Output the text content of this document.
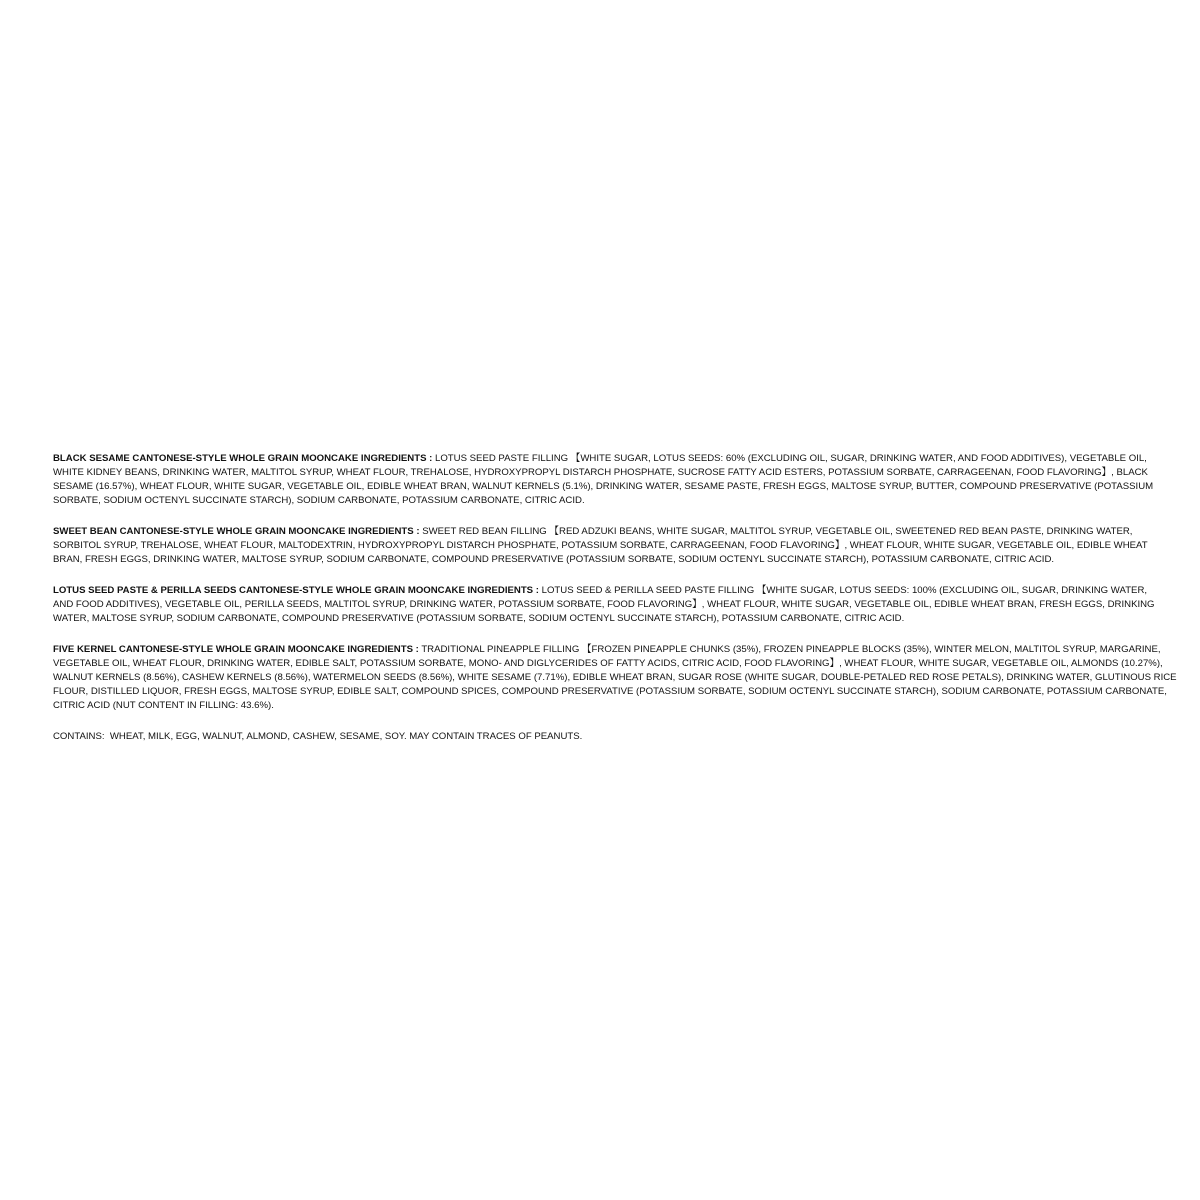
BLACK SESAME CANTONESE-STYLE WHOLE GRAIN MOONCAKE INGREDIENTS : LOTUS SEED PASTE FILLING 【WHITE SUGAR, LOTUS SEEDS: 60% (EXCLUDING OIL, SUGAR, DRINKING WATER, AND FOOD ADDITIVES), VEGETABLE OIL,
WHITE KIDNEY BEANS, DRINKING WATER, MALTITOL SYRUP, WHEAT FLOUR, TREHALOSE, HYDROXYPROPYL DISTARCH PHOSPHATE, SUCROSE FATTY ACID ESTERS, POTASSIUM SORBATE, CARRAGEENAN, FOOD FLAVORING】, BLACK
SESAME (16.57%), WHEAT FLOUR, WHITE SUGAR, VEGETABLE OIL, EDIBLE WHEAT BRAN, WALNUT KERNELS (5.1%), DRINKING WATER, SESAME PASTE, FRESH EGGS, MALTOSE SYRUP, BUTTER, COMPOUND PRESERVATIVE (POTASSIUM
SORBATE, SODIUM OCTENYL SUCCINATE STARCH), SODIUM CARBONATE, POTASSIUM CARBONATE, CITRIC ACID.
SWEET BEAN CANTONESE-STYLE WHOLE GRAIN MOONCAKE INGREDIENTS : SWEET RED BEAN FILLING 【RED ADZUKI BEANS, WHITE SUGAR, MALTITOL SYRUP, VEGETABLE OIL, SWEETENED RED BEAN PASTE, DRINKING WATER,
SORBITOL SYRUP, TREHALOSE, WHEAT FLOUR, MALTODEXTRIN, HYDROXYPROPYL DISTARCH PHOSPHATE, POTASSIUM SORBATE, CARRAGEENAN, FOOD FLAVORING】, WHEAT FLOUR, WHITE SUGAR, VEGETABLE OIL, EDIBLE WHEAT
BRAN, FRESH EGGS, DRINKING WATER, MALTOSE SYRUP, SODIUM CARBONATE, COMPOUND PRESERVATIVE (POTASSIUM SORBATE, SODIUM OCTENYL SUCCINATE STARCH), POTASSIUM CARBONATE, CITRIC ACID.
LOTUS SEED PASTE & PERILLA SEEDS CANTONESE-STYLE WHOLE GRAIN MOONCAKE INGREDIENTS : LOTUS SEED & PERILLA SEED PASTE FILLING 【WHITE SUGAR, LOTUS SEEDS: 100% (EXCLUDING OIL, SUGAR, DRINKING WATER,
AND FOOD ADDITIVES), VEGETABLE OIL, PERILLA SEEDS, MALTITOL SYRUP, DRINKING WATER, POTASSIUM SORBATE, FOOD FLAVORING】, WHEAT FLOUR, WHITE SUGAR, VEGETABLE OIL, EDIBLE WHEAT BRAN, FRESH EGGS, DRINKING
WATER, MALTOSE SYRUP, SODIUM CARBONATE, COMPOUND PRESERVATIVE (POTASSIUM SORBATE, SODIUM OCTENYL SUCCINATE STARCH), POTASSIUM CARBONATE, CITRIC ACID.
FIVE KERNEL CANTONESE-STYLE WHOLE GRAIN MOONCAKE INGREDIENTS : TRADITIONAL PINEAPPLE FILLING 【FROZEN PINEAPPLE CHUNKS (35%), FROZEN PINEAPPLE BLOCKS (35%), WINTER MELON, MALTITOL SYRUP, MARGARINE,
VEGETABLE OIL, WHEAT FLOUR, DRINKING WATER, EDIBLE SALT, POTASSIUM SORBATE, MONO- AND DIGLYCERIDES OF FATTY ACIDS, CITRIC ACID, FOOD FLAVORING】, WHEAT FLOUR, WHITE SUGAR, VEGETABLE OIL, ALMONDS (10.27%),
WALNUT KERNELS (8.56%), CASHEW KERNELS (8.56%), WATERMELON SEEDS (8.56%), WHITE SESAME (7.71%), EDIBLE WHEAT BRAN, SUGAR ROSE (WHITE SUGAR, DOUBLE-PETALED RED ROSE PETALS), DRINKING WATER, GLUTINOUS RICE
FLOUR, DISTILLED LIQUOR, FRESH EGGS, MALTOSE SYRUP, EDIBLE SALT, COMPOUND SPICES, COMPOUND PRESERVATIVE (POTASSIUM SORBATE, SODIUM OCTENYL SUCCINATE STARCH), SODIUM CARBONATE, POTASSIUM CARBONATE,
CITRIC ACID (NUT CONTENT IN FILLING: 43.6%).
CONTAINS:  WHEAT, MILK, EGG, WALNUT, ALMOND, CASHEW, SESAME, SOY. MAY CONTAIN TRACES OF PEANUTS.
